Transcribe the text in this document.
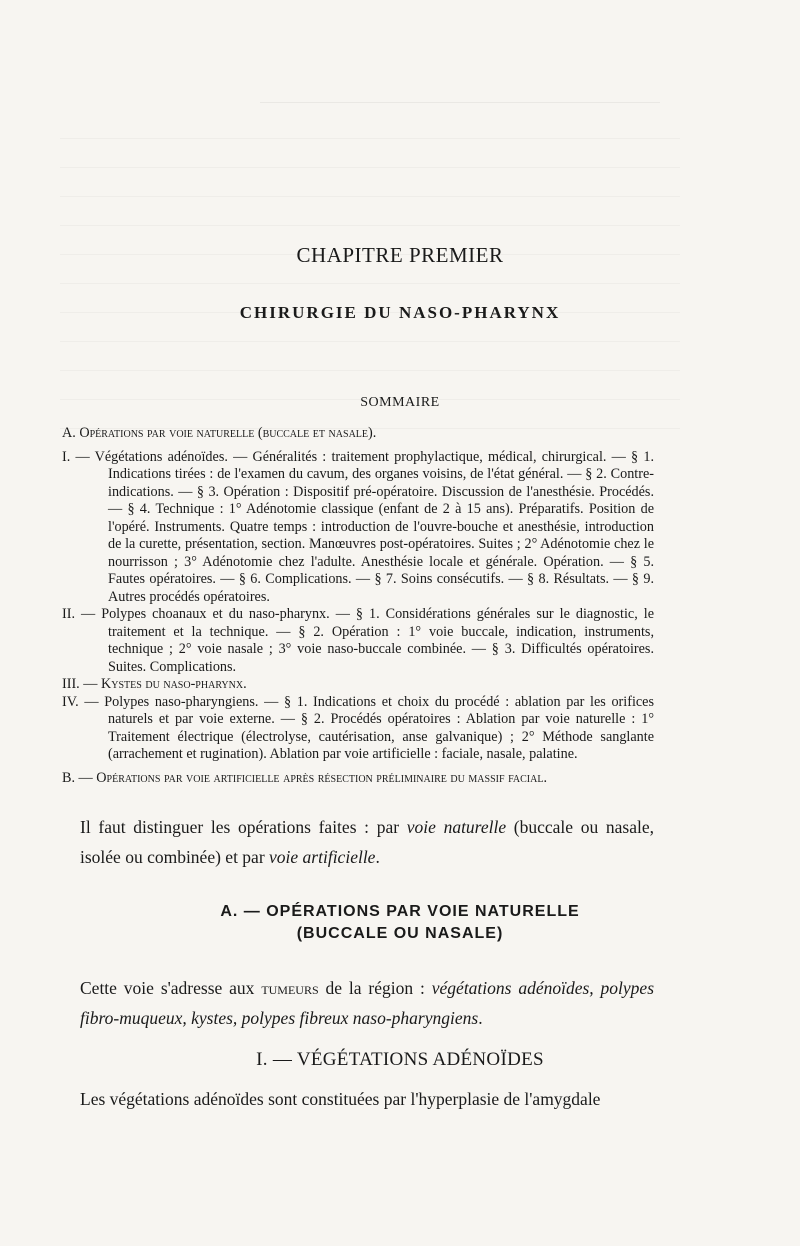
CHAPITRE PREMIER
CHIRURGIE DU NASO-PHARYNX
SOMMAIRE
A. Opérations par voie naturelle (buccale et nasale).
I. — Végétations adénoïdes. — Généralités : traitement prophylactique, médical, chirurgical. — § 1. Indications tirées : de l'examen du cavum, des organes voisins, de l'état général. — § 2. Contre-indications. — § 3. Opération : Dispositif pré-opératoire. Discussion de l'anesthésie. Procédés. — § 4. Technique : 1° Adénotomie classique (enfant de 2 à 15 ans). Préparatifs. Position de l'opéré. Instruments. Quatre temps : introduction de l'ouvre-bouche et anesthésie, introduction de la curette, présentation, section. Manœuvres post-opératoires. Suites ; 2° Adénotomie chez le nourrisson ; 3° Adénotomie chez l'adulte. Anesthésie locale et générale. Opération. — § 5. Fautes opératoires. — § 6. Complications. — § 7. Soins consécutifs. — § 8. Résultats. — § 9. Autres procédés opératoires.
II. — Polypes choanaux et du naso-pharynx. — § 1. Considérations générales sur le diagnostic, le traitement et la technique. — § 2. Opération : 1° voie buccale, indication, instruments, technique ; 2° voie nasale ; 3° voie naso-buccale combinée. — § 3. Difficultés opératoires. Suites. Complications.
III. — Kystes du naso-pharynx.
IV. — Polypes naso-pharyngiens. — § 1. Indications et choix du procédé : ablation par les orifices naturels et par voie externe. — § 2. Procédés opératoires : Ablation par voie naturelle : 1° Traitement électrique (électrolyse, cautérisation, anse galvanique) ; 2° Méthode sanglante (arrachement et rugination). Ablation par voie artificielle : faciale, nasale, palatine.
B. — Opérations par voie artificielle après résection préliminaire du massif facial.
Il faut distinguer les opérations faites : par voie naturelle (buccale ou nasale, isolée ou combinée) et par voie artificielle.
A. — OPÉRATIONS PAR VOIE NATURELLE
(BUCCALE OU NASALE)
Cette voie s'adresse aux tumeurs de la région : végétations adénoïdes, polypes fibro-muqueux, kystes, polypes fibreux naso-pharyngiens.
I. — VÉGÉTATIONS ADÉNOÏDES
Les végétations adénoïdes sont constituées par l'hyperplasie de l'amygdale
